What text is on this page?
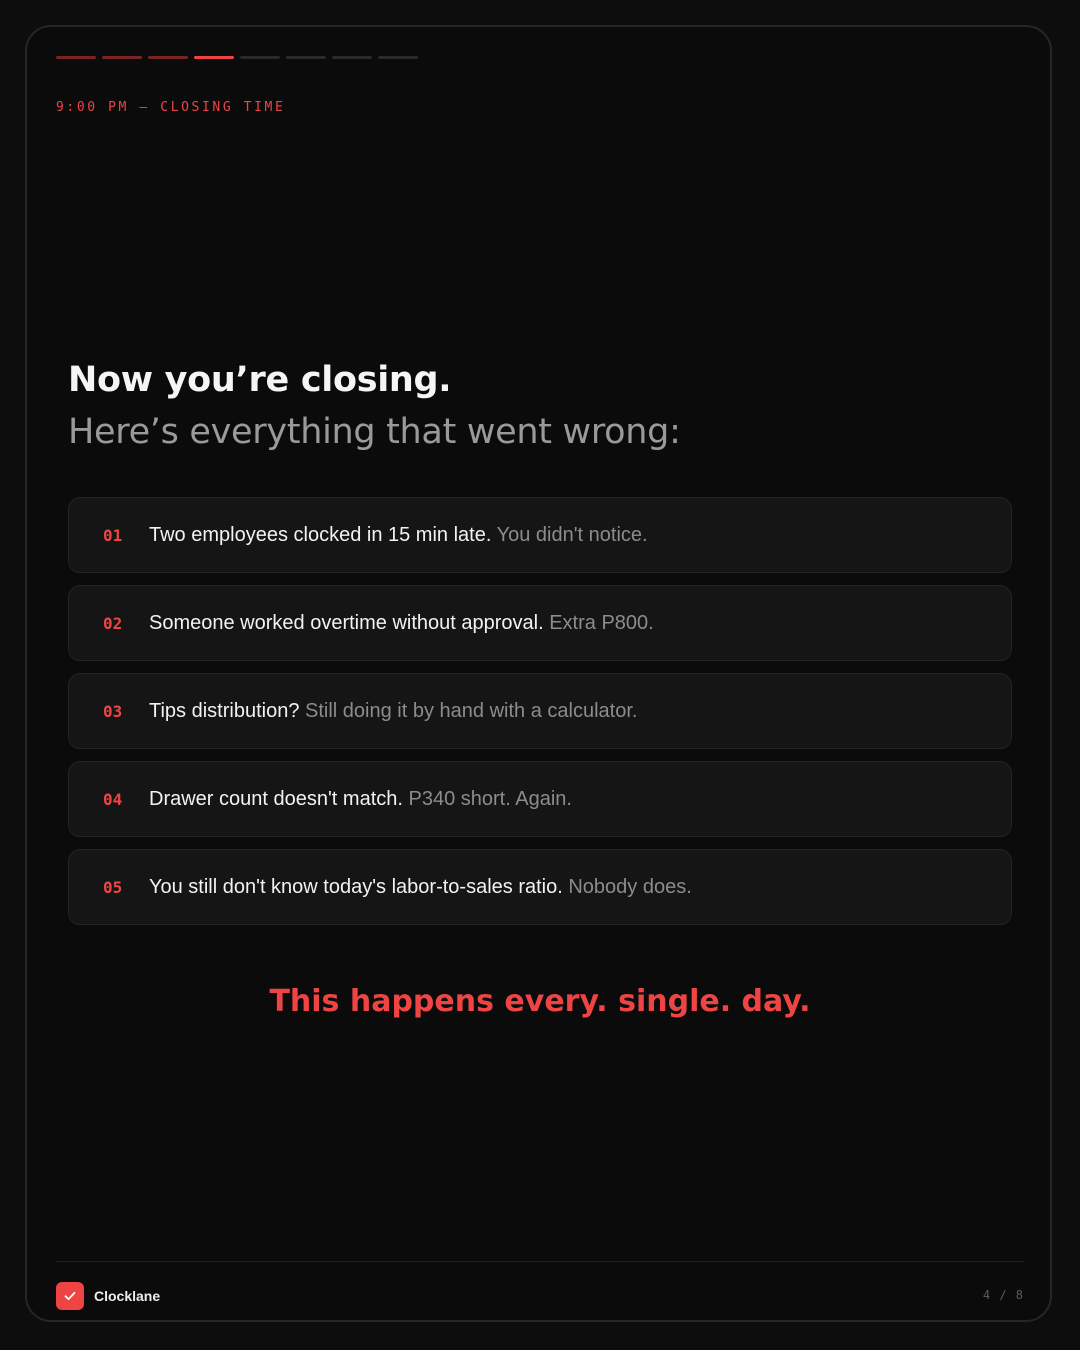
9:00 PM — CLOSING TIME
Now you’re closing.
Here’s everything that went wrong:
01	Two employees clocked in 15 min late. You didn't notice.
02	Someone worked overtime without approval. Extra P800.
03	Tips distribution? Still doing it by hand with a calculator.
04	Drawer count doesn't match. P340 short. Again.
05	You still don't know today's labor-to-sales ratio. Nobody does.
This happens every. single. day.
Clocklane	4 / 8
